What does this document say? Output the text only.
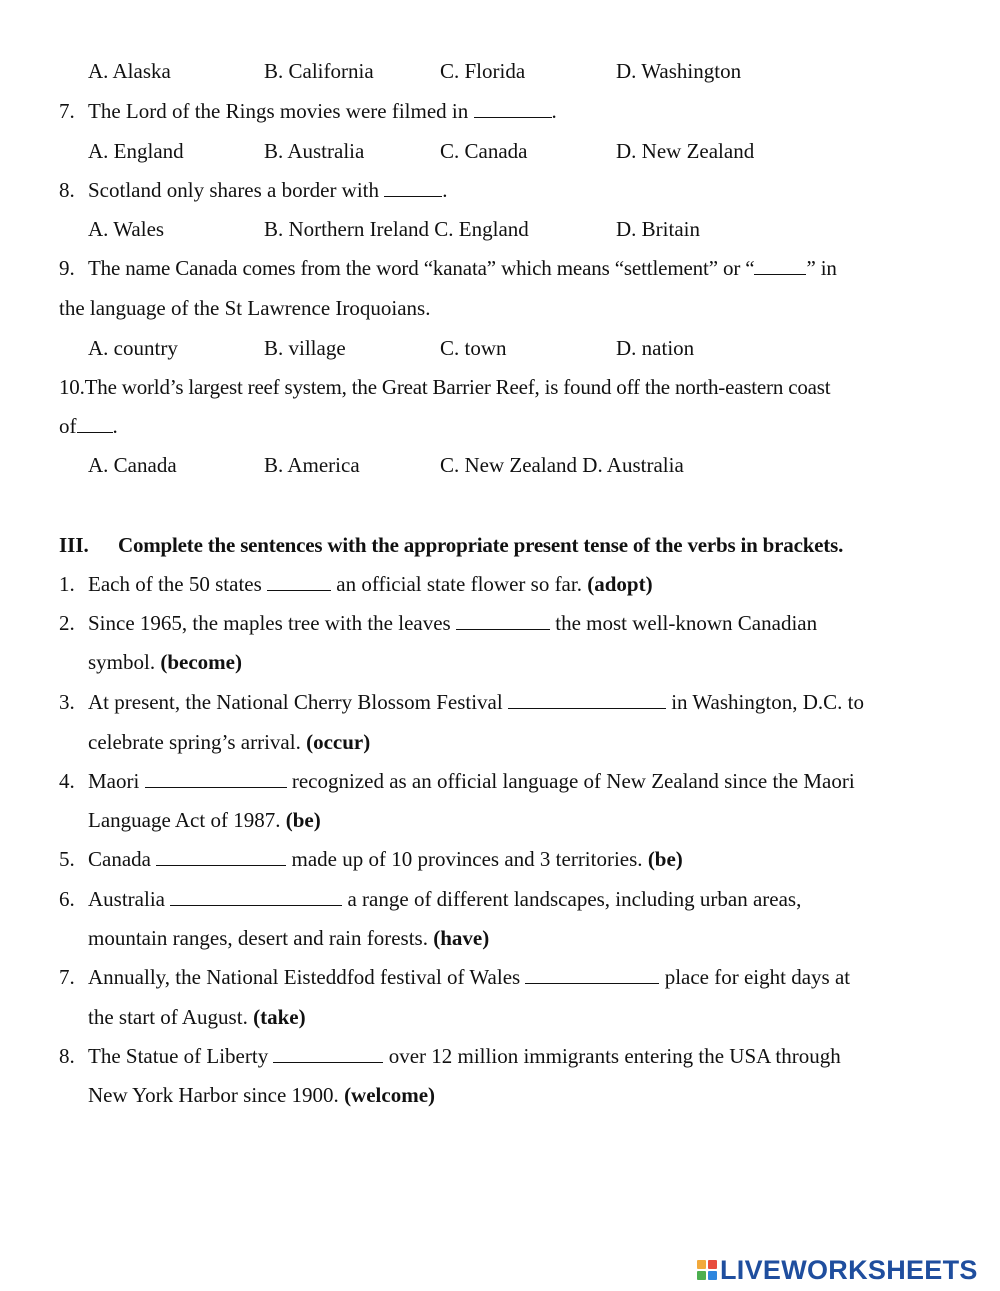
A. Alaska	B. California	C. Florida	D. Washington
7. The Lord of the Rings movies were filmed in	.
A. England	B. Australia	C. Canada	D. New Zealand
8. Scotland only shares a border with	.
A. Wales	B. Northern Ireland C. England	D. Britain
9. The name Canada comes from the word “kanata” which means “settlement” or “ ” in
the language of the St Lawrence Iroquoians.
A. country	B. village	C. town	D. nation
10.The world’s largest reef system, the Great Barrier Reef, is found off the north-eastern coast
of .
A. Canada	B. America	C. New Zealand D. Australia
III. Complete the sentences with the appropriate present tense of the verbs in brackets.
1. Each of the 50 states	an official state flower so far. (adopt)
2. Since 1965, the maples tree with the leaves	the most well-known Canadian
symbol. (become)
3. At present, the National Cherry Blossom Festival	in Washington, D.C. to
celebrate spring’s arrival. (occur)
4. Maori	recognized as an official language of New Zealand since the Maori
Language Act of 1987. (be)
5. Canada	made up of 10 provinces and 3 territories. (be)
6. Australia	a range of different landscapes, including urban areas,
mountain ranges, desert and rain forests. (have)
7. Annually, the National Eisteddfod festival of Wales	place for eight days at
the start of August. (take)
8. The Statue of Liberty	over 12 million immigrants entering the USA through
New York Harbor since 1900. (welcome)
LIVEWORKSHEETS
